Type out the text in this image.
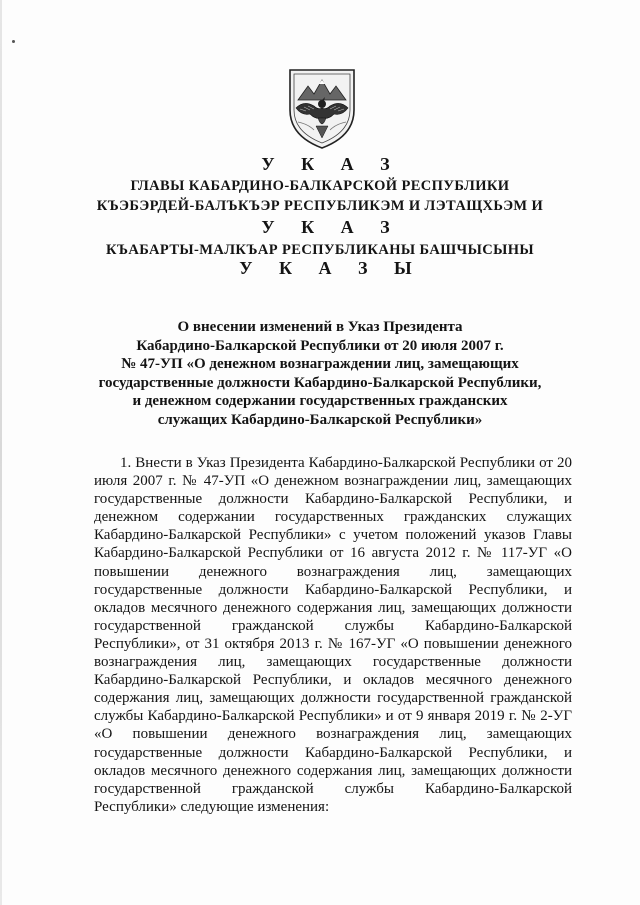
У К А З
ГЛАВЫ КАБАРДИНО-БАЛКАРСКОЙ РЕСПУБЛИКИ
КЪЭБЭРДЕЙ-БАЛЪКЪЭР РЕСПУБЛИКЭМ И ЛЭТАЩХЬЭМ И
У К А З
КЪАБАРТЫ-МАЛКЪАР РЕСПУБЛИКАНЫ БАШЧЫСЫНЫ
У К А З Ы
О внесении изменений в Указ Президента
Кабардино-Балкарской Республики от 20 июля 2007 г.
№ 47-УП «О денежном вознаграждении лиц, замещающих
государственные должности Кабардино-Балкарской Республики,
и денежном содержании государственных гражданских
служащих Кабардино-Балкарской Республики»

1. Внести в Указ Президента Кабардино-Балкарской Республики от 20 июля 2007 г. № 47-УП «О денежном вознаграждении лиц, замещающих государственные должности Кабардино-Балкарской Республики, и денежном содержании государственных гражданских служащих Кабардино-Балкарской Республики» с учетом положений указов Главы Кабардино-Балкарской Республики от 16 августа 2012 г. № 117-УГ «О повышении денежного вознаграждения лиц, замещающих государственные должности Кабардино-Балкарской Республики, и окладов месячного денежного содержания лиц, замещающих должности государственной гражданской службы Кабардино-Балкарской Республики», от 31 октября 2013 г. № 167-УГ «О повышении денежного вознаграждения лиц, замещающих государственные должности Кабардино-Балкарской Республики, и окладов месячного денежного содержания лиц, замещающих должности государственной гражданской службы Кабардино-Балкарской Республики» и от 9 января 2019 г. № 2-УГ «О повышении денежного вознаграждения лиц, замещающих государственные должности Кабардино-Балкарской Республики, и окладов месячного денежного содержания лиц, замещающих должности государственной гражданской службы Кабардино-Балкарской Республики» следующие изменения:
